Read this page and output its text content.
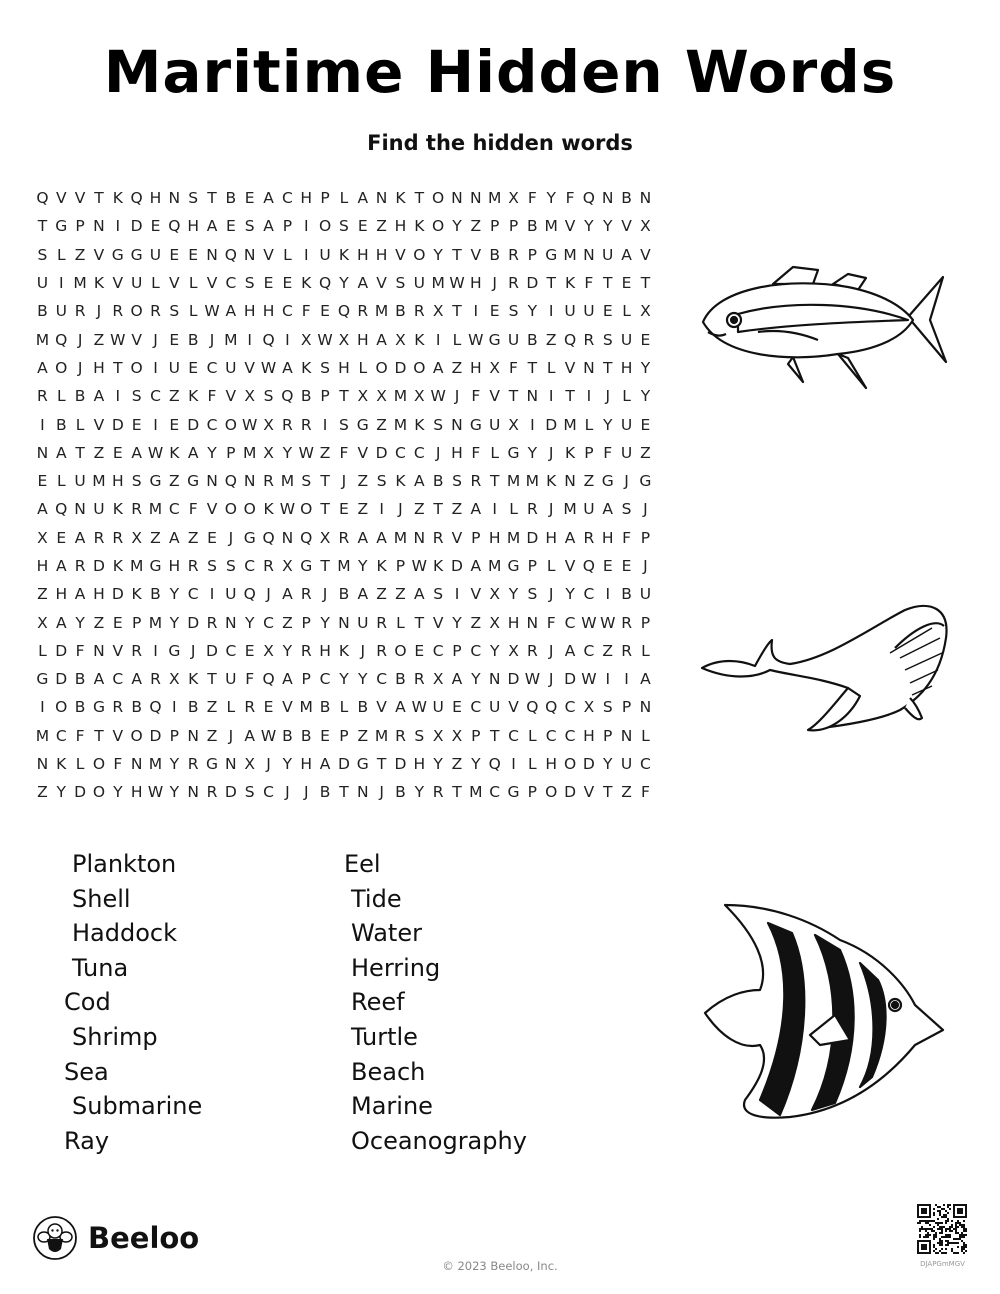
Maritime Hidden Words
Find the hidden words
Q V V T K Q H N S T B E A C H P L A N K T O N N M X F Y F Q N B N
T G P N I D E Q H A E S A P I O S E Z H K O Y Z P P B M V Y Y V X
S L Z V G G U E E N Q N V L I U K H H V O Y T V B R P G M N U A V
U I M K V U L V L V C S E E K Q Y A V S U M W H J R D T K F T E T
B U R J R O R S L W A H H C F E Q R M B R X T I E S Y I U U E L X
M Q J Z W V J E B J M I Q I X W X H A X K I L W G U B Z Q R S U E
A O J H T O I U E C U V W A K S H L O D O A Z H X F T L V N T H Y
R L B A I S C Z K F V X S Q B P T X X M X W J F V T N I T I J L Y
I B L V D E I E D C O W X R R I S G Z M K S N G U X I D M L Y U E
N A T Z E A W K A Y P M X Y W Z F V D C C J H F L G Y J K P F U Z
E L U M H S G Z G N Q N R M S T J Z S K A B S R T M M K N Z G J G
A Q N U K R M C F V O O K W O T E Z I J Z T Z A I L R J M U A S J
X E A R R X Z A Z E J G Q N Q X R A A M N R V P H M D H A R H F P
H A R D K M G H R S S C R X G T M Y K P W K D A M G P L V Q E E J
Z H A H D K B Y C I U Q J A R J B A Z Z A S I V X Y S J Y C I B U
X A Y Z E P M Y D R N Y C Z P Y N U R L T V Y Z X H N F C W W R P
L D F N V R I G J D C E X Y R H K J R O E C P C Y X R J A C Z R L
G D B A C A R X K T U F Q A P C Y Y C B R X A Y N D W J D W I I A
I O B G R B Q I B Z L R E V M B L B V A W U E C U V Q Q C X S P N
M C F T V O D P N Z J A W B B E P Z M R S X X P T C L C C H P N L
N K L O F N M Y R G N X J Y H A D G T D H Y Z Y Q I L H O D Y U C
Z Y D O Y H W Y N R D S C J J B T N J B Y R T M C G P O D V T Z F
Plankton
Shell
Haddock
Tuna
Cod
Shrimp
Sea
Submarine
Ray
Eel
Tide
Water
Herring
Reef
Turtle
Beach
Marine
Oceanography
Beeloo
© 2023 Beeloo, Inc.	DJAPGmMGV
